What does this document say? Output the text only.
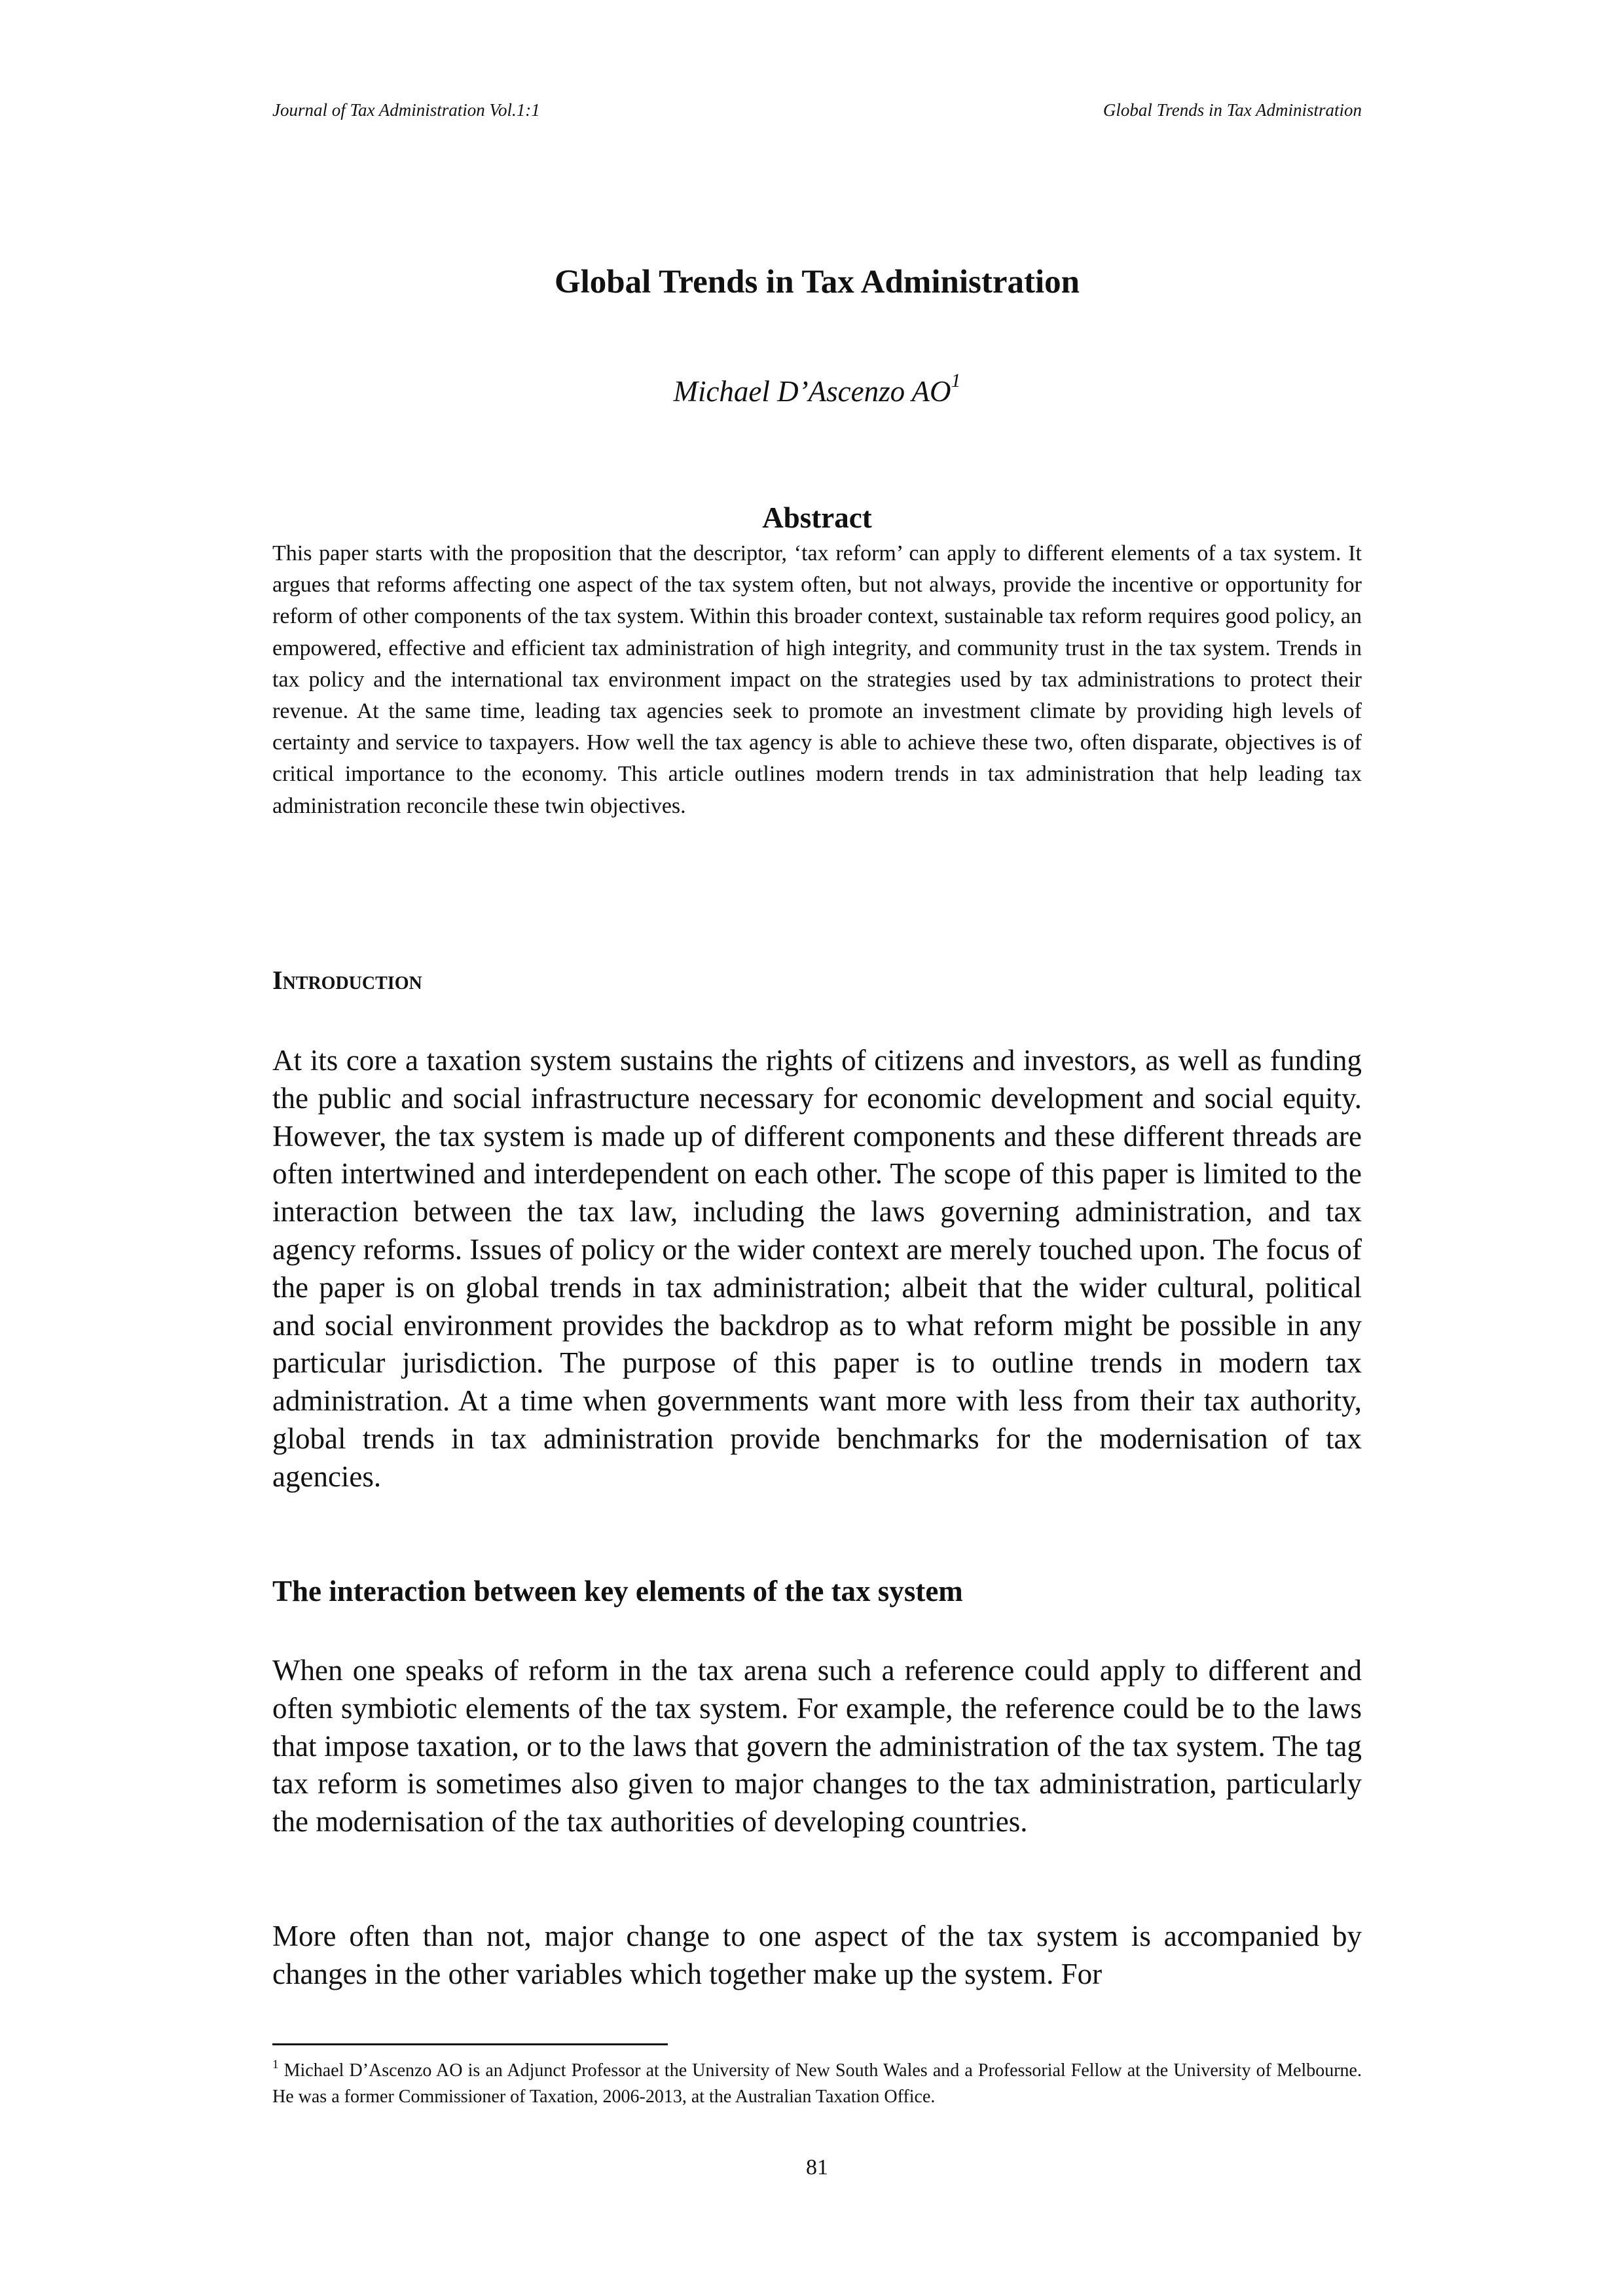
Journal of Tax Administration Vol.1:1	Global Trends in Tax Administration
Global Trends in Tax Administration
Michael D’Ascenzo $AO^1$
Abstract

This paper starts with the proposition that the descriptor, ‘tax reform’ can apply to different elements of a tax system. It argues that reforms affecting one aspect of the tax system often, but not always, provide the incentive or opportunity for reform of other components of the tax system. Within this broader context, sustainable tax reform requires good policy, an empowered, effective and efficient tax administration of high integrity, and community trust in the tax system. Trends in tax policy and the international tax environment impact on the strategies used by tax administrations to protect their revenue. At the same time, leading tax agencies seek to promote an investment climate by providing high levels of certainty and service to taxpayers. How well the tax agency is able to achieve these two, often disparate, objectives is of critical importance to the economy. This article outlines modern trends in tax administration that help leading tax administration reconcile these twin objectives.

Introduction

At its core a taxation system sustains the rights of citizens and investors, as well as funding the public and social infrastructure necessary for economic development and social equity. However, the tax system is made up of different components and these different threads are often intertwined and interdependent on each other. The scope of this paper is limited to the interaction between the tax law, including the laws governing administration, and tax agency reforms. Issues of policy or the wider context are merely touched upon. The focus of the paper is on global trends in tax administration; albeit that the wider cultural, political and social environment provides the backdrop as to what reform might be possible in any particular jurisdiction. The purpose of this paper is to outline trends in modern tax administration. At a time when governments want more with less from their tax authority, global trends in tax administration provide benchmarks for the modernisation of tax agencies.

The interaction between key elements of the tax system

When one speaks of reform in the tax arena such a reference could apply to different and often symbiotic elements of the tax system. For example, the reference could be to the laws that impose taxation, or to the laws that govern the administration of the tax system. The tag tax reform is sometimes also given to major changes to the tax administration, particularly the modernisation of the tax authorities of developing countries.

More often than not, major change to one aspect of the tax system is accompanied by changes in the other variables which together make up the system. For

$^1$ Michael D’Ascenzo AO is an Adjunct Professor at the University of New South Wales and a Professorial Fellow at the University of Melbourne. He was a former Commissioner of Taxation, 2006-2013, at the Australian Taxation Office.

81
